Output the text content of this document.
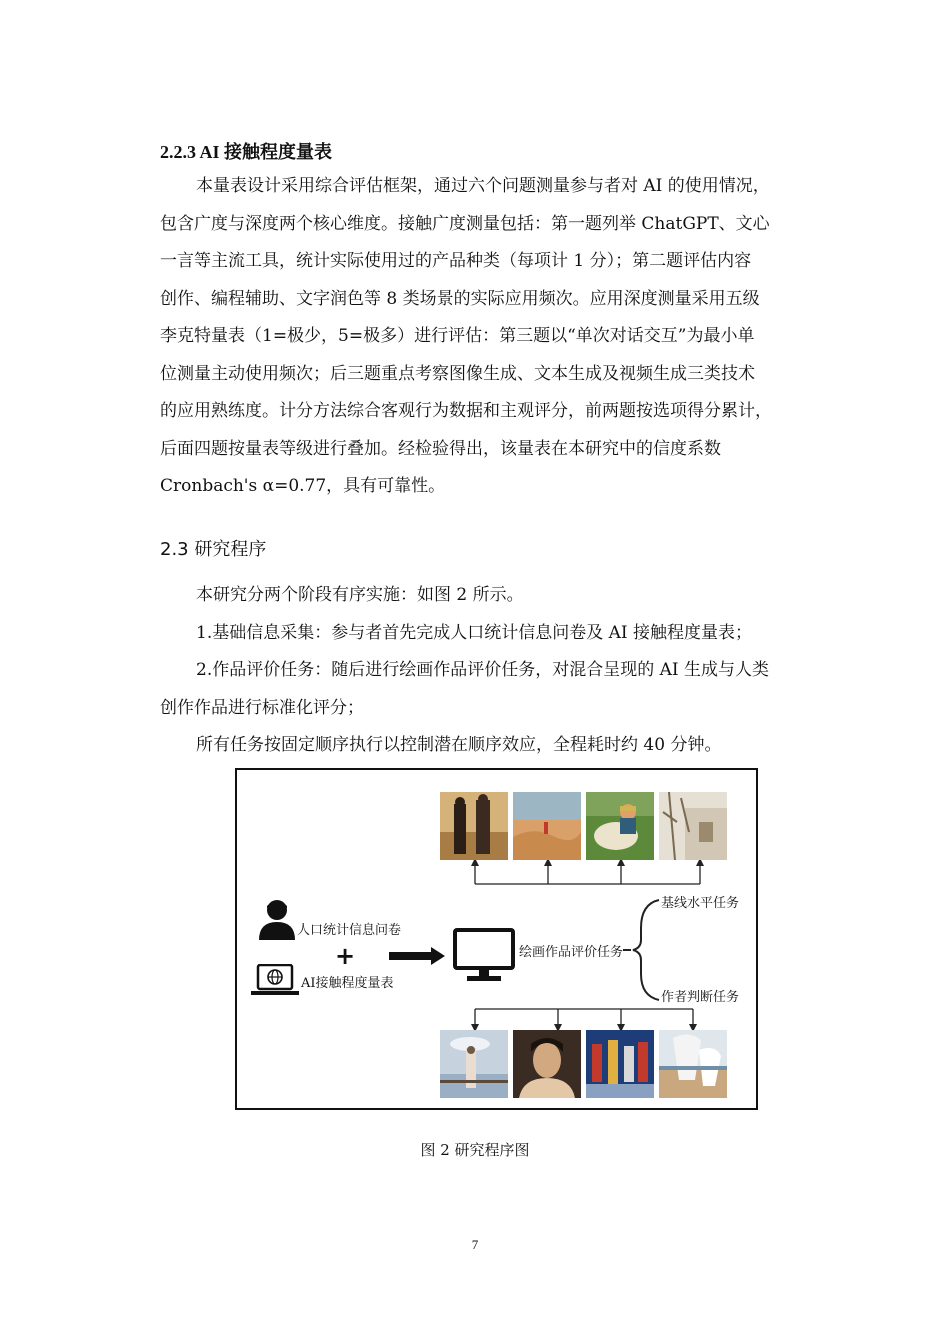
2.2.3 AI 接触程度量表
本量表设计采用综合评估框架，通过六个问题测量参与者对 AI 的使用情况，
包含广度与深度两个核心维度。接触广度测量包括：第一题列举 ChatGPT、文心
一言等主流工具，统计实际使用过的产品种类（每项计 1 分）；第二题评估内容
创作、编程辅助、文字润色等 8 类场景的实际应用频次。应用深度测量采用五级
李克特量表（1=极少，5=极多）进行评估：第三题以“单次对话交互”为最小单
位测量主动使用频次；后三题重点考察图像生成、文本生成及视频生成三类技术
的应用熟练度。计分方法综合客观行为数据和主观评分，前两题按选项得分累计，
后面四题按量表等级进行叠加。经检验得出，该量表在本研究中的信度系数
Cronbach's α=0.77，具有可靠性。
2.3 研究程序
本研究分两个阶段有序实施：如图 2 所示。
1.基础信息采集：参与者首先完成人口统计信息问卷及 AI 接触程度量表；
2.作品评价任务：随后进行绘画作品评价任务，对混合呈现的 AI 生成与人类
创作作品进行标准化评分；
所有任务按固定顺序执行以控制潜在顺序效应，全程耗时约 40 分钟。
人口统计信息问卷
+
AI接触程度量表
绘画作品评价任务
基线水平任务
作者判断任务
图 2 研究程序图
7
